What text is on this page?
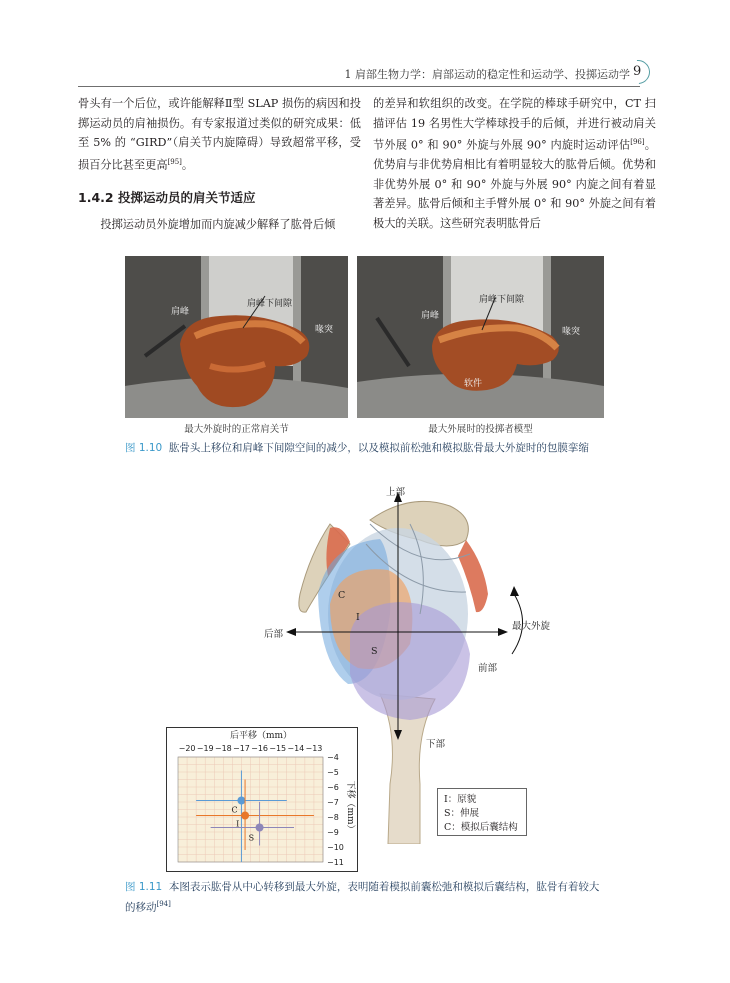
1 肩部生物力学：肩部运动的稳定性和运动学、投掷运动学 9

骨头有一个后位，或许能解释Ⅱ型 SLAP 损伤的病因和投掷运动员的肩袖损伤。有专家报道过类似的研究成果：低至 5% 的 “GIRD”（肩关节内旋障碍）导致超常平移，受损百分比甚至更高[95]。

1.4.2 投掷运动员的肩关节适应
投掷运动员外旋增加而内旋减少解释了肱骨后倾

的差异和软组织的改变。在学院的棒球手研究中，CT 扫描评估 19 名男性大学棒球投手的后倾，并进行被动肩关节外展 0° 和 90° 外旋与外展 90° 内旋时运动评估[96]。优势肩与非优势肩相比有着明显较大的肱骨后倾。优势和非优势外展 0° 和 90° 外旋与外展 90° 内旋之间有着显著差异。肱骨后倾和主手臂外展 0° 和 90° 外旋之间有着极大的关联。这些研究表明肱骨后

肩峰
肩峰下间隙
喙突
最大外旋时的正常肩关节
肩峰
肩峰下间隙
喙突
软件
最大外展时的投掷者模型
图 1.10 肱骨头上移位和肩峰下间隙空间的减少，以及模拟前松弛和模拟肱骨最大外旋时的包膜挛缩
上部
下部
后部
前部
最大外旋
C
I
S
I：原貌
S：伸展
C：模拟后囊结构
后平移（mm）
−20 −19 −18 −17 −16 −15 −14 −13
−4
−5
−6
−7
−8
−9
−10
−11
下移（mm）
C
I
S
图 1.11 本图表示肱骨从中心转移到最大外旋，表明随着模拟前囊松弛和模拟后囊结构，肱骨有着较大
的移动[94]
